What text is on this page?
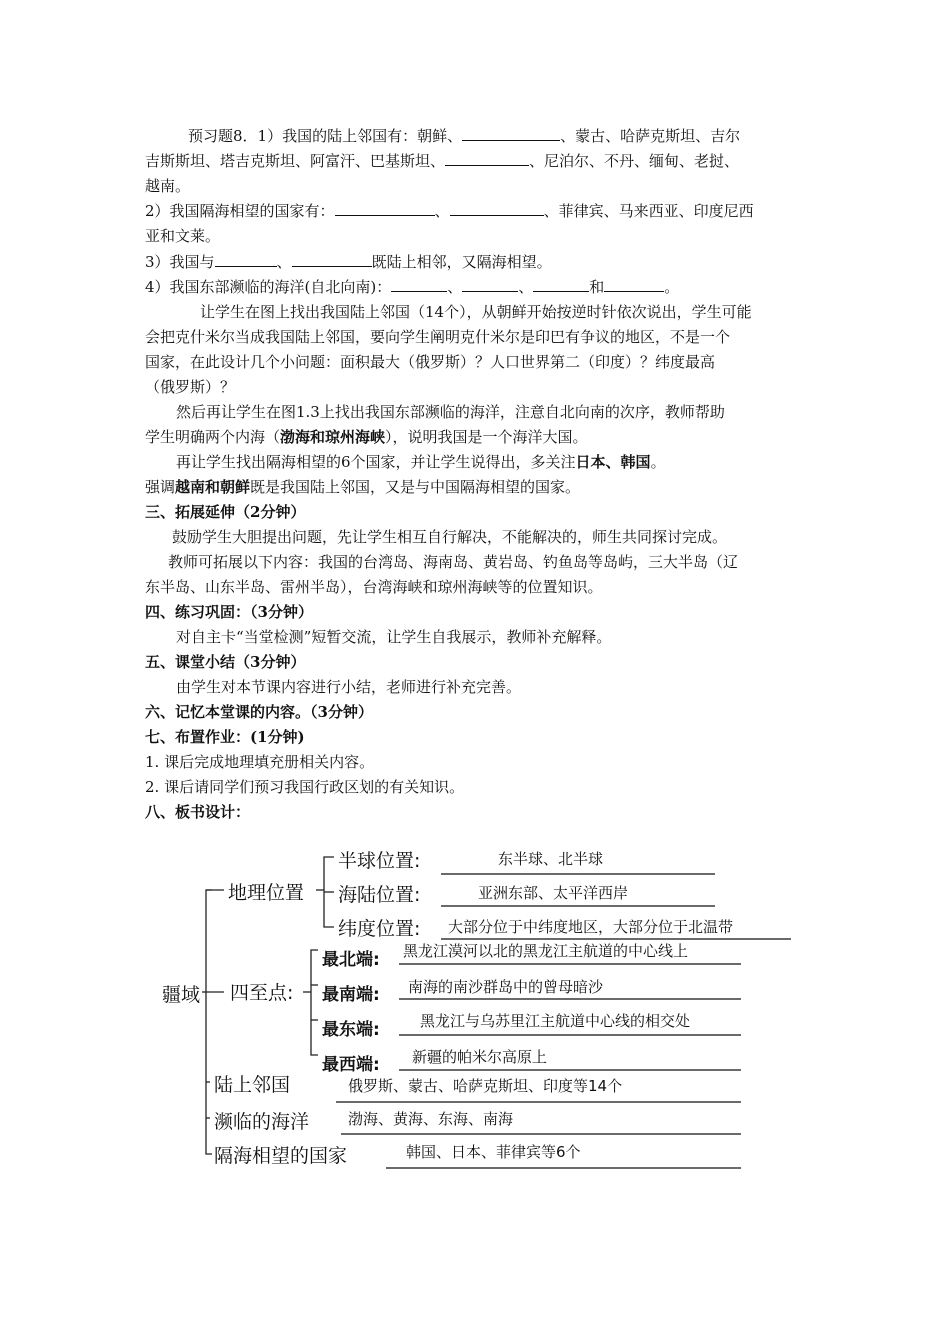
预习题8．1）我国的陆上邻国有：朝鲜、	、蒙古、哈萨克斯坦、吉尔
吉斯斯坦、塔吉克斯坦、阿富汗、巴基斯坦、	、尼泊尔、不丹、缅甸、老挝、
越南。
2）我国隔海相望的国家有：	、	、菲律宾、马来西亚、印度尼西
亚和文莱。
3）我国与	、	既陆上相邻，又隔海相望。
4）我国东部濒临的海洋(自北向南)：	、	、	和	。
让学生在图上找出我国陆上邻国（14个），从朝鲜开始按逆时针依次说出，学生可能
会把克什米尔当成我国陆上邻国，要向学生阐明克什米尔是印巴有争议的地区，不是一个
国家，在此设计几个小问题：面积最大（俄罗斯）？人口世界第二（印度）？纬度最高
（俄罗斯）？
然后再让学生在图1.3上找出我国东部濒临的海洋，注意自北向南的次序，教师帮助
学生明确两个内海（渤海和琼州海峡），说明我国是一个海洋大国。
再让学生找出隔海相望的6个国家，并让学生说得出，多关注日本、韩国。
强调越南和朝鲜既是我国陆上邻国，又是与中国隔海相望的国家。
三、拓展延伸（2分钟）
鼓励学生大胆提出问题，先让学生相互自行解决，不能解决的，师生共同探讨完成。
教师可拓展以下内容：我国的台湾岛、海南岛、黄岩岛、钓鱼岛等岛屿，三大半岛（辽
东半岛、山东半岛、雷州半岛），台湾海峡和琼州海峡等的位置知识。
四、练习巩固：（3分钟）
对自主卡“当堂检测”短暂交流，让学生自我展示，教师补充解释。
五、课堂小结（3分钟）
由学生对本节课内容进行小结，老师进行补充完善。
六、记忆本堂课的内容。（3分钟）
七、布置作业：(1分钟)
1. 课后完成地理填充册相关内容。
2. 课后请同学们预习我国行政区划的有关知识。
八、板书设计：
疆域
地理位置
半球位置:	东半球、北半球
海陆位置:	亚洲东部、太平洋西岸
纬度位置: 大部分位于中纬度地区，大部分位于北温带
四至点:
最北端: 黑龙江漠河以北的黑龙江主航道的中心线上
最南端: 南海的南沙群岛中的曾母暗沙
最东端:	黑龙江与乌苏里江主航道中心线的相交处
最西端: 新疆的帕米尔高原上
陆上邻国	俄罗斯、蒙古、哈萨克斯坦、印度等14个
濒临的海洋	渤海、黄海、东海、南海
隔海相望的国家	韩国、日本、菲律宾等6个
